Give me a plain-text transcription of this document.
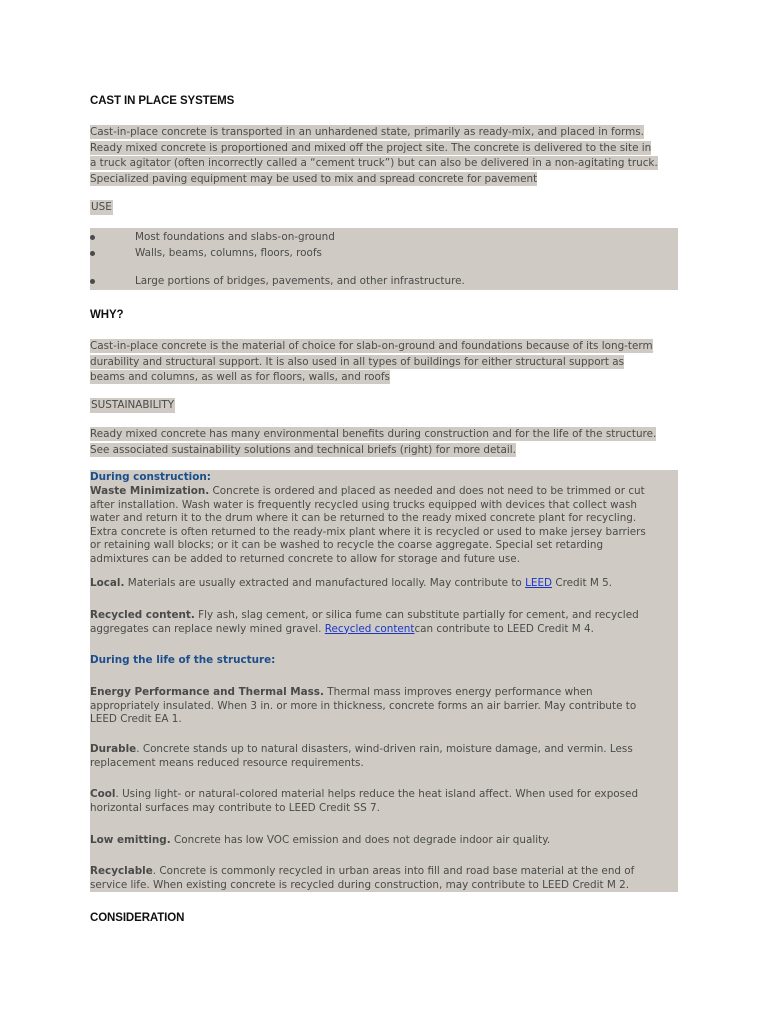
CAST IN PLACE SYSTEMS
Cast-in-place concrete is transported in an unhardened state, primarily as ready-mix, and placed in forms.
Ready mixed concrete is proportioned and mixed off the project site. The concrete is delivered to the site in
a truck agitator (often incorrectly called a “cement truck”) but can also be delivered in a non-agitating truck.
Specialized paving equipment may be used to mix and spread concrete for pavement
USE
Most foundations and slabs-on-ground
Walls, beams, columns, floors, roofs
Large portions of bridges, pavements, and other infrastructure.
WHY?
Cast-in-place concrete is the material of choice for slab-on-ground and foundations because of its long-term
durability and structural support. It is also used in all types of buildings for either structural support as
beams and columns, as well as for floors, walls, and roofs
SUSTAINABILITY
Ready mixed concrete has many environmental benefits during construction and for the life of the structure.
See associated sustainability solutions and technical briefs (right) for more detail.
During construction:
Waste Minimization. Concrete is ordered and placed as needed and does not need to be trimmed or cut
after installation. Wash water is frequently recycled using trucks equipped with devices that collect wash
water and return it to the drum where it can be returned to the ready mixed concrete plant for recycling.
Extra concrete is often returned to the ready-mix plant where it is recycled or used to make jersey barriers
or retaining wall blocks; or it can be washed to recycle the coarse aggregate. Special set retarding
admixtures can be added to returned concrete to allow for storage and future use.
Local. Materials are usually extracted and manufactured locally. May contribute to LEED Credit M 5.
Recycled content. Fly ash, slag cement, or silica fume can substitute partially for cement, and recycled
aggregates can replace newly mined gravel. Recycled contentcan contribute to LEED Credit M 4.
During the life of the structure:
Energy Performance and Thermal Mass. Thermal mass improves energy performance when
appropriately insulated. When 3 in. or more in thickness, concrete forms an air barrier. May contribute to
LEED Credit EA 1.
Durable. Concrete stands up to natural disasters, wind-driven rain, moisture damage, and vermin. Less
replacement means reduced resource requirements.
Cool. Using light- or natural-colored material helps reduce the heat island affect. When used for exposed
horizontal surfaces may contribute to LEED Credit SS 7.
Low emitting. Concrete has low VOC emission and does not degrade indoor air quality.
Recyclable. Concrete is commonly recycled in urban areas into fill and road base material at the end of
service life. When existing concrete is recycled during construction, may contribute to LEED Credit M 2.
CONSIDERATION
